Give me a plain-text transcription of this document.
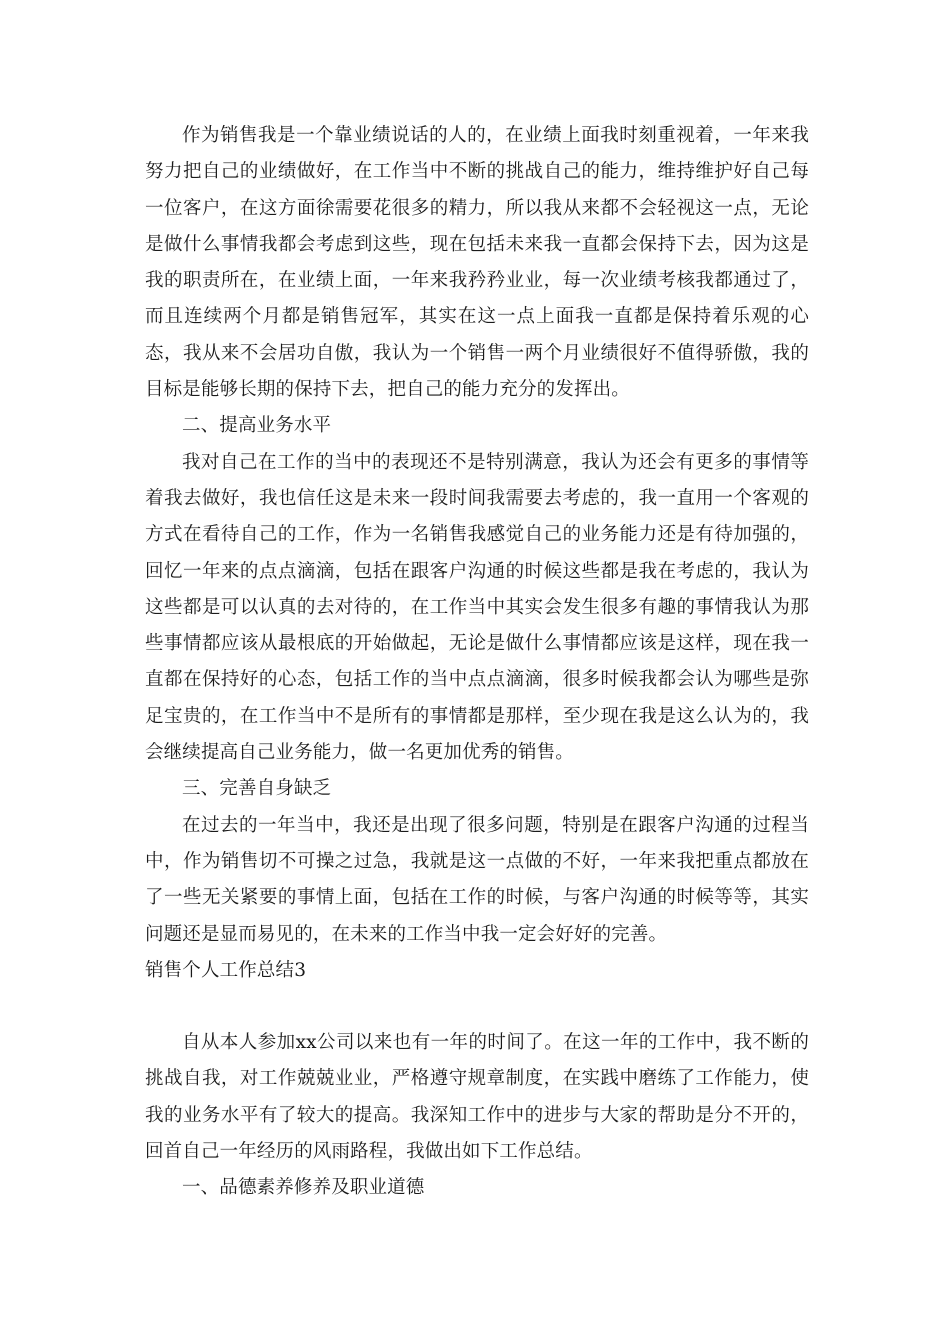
作为销售我是一个靠业绩说话的人的，在业绩上面我时刻重视着，一年来我努力把自己的业绩做好，在工作当中不断的挑战自己的能力，维持维护好自己每一位客户，在这方面徐需要花很多的精力，所以我从来都不会轻视这一点，无论是做什么事情我都会考虑到这些，现在包括未来我一直都会保持下去，因为这是我的职责所在，在业绩上面，一年来我矜矜业业，每一次业绩考核我都通过了，而且连续两个月都是销售冠军，其实在这一点上面我一直都是保持着乐观的心态，我从来不会居功自傲，我认为一个销售一两个月业绩很好不值得骄傲，我的目标是能够长期的保持下去，把自己的能力充分的发挥出。

二、提高业务水平

我对自己在工作的当中的表现还不是特别满意，我认为还会有更多的事情等着我去做好，我也信任这是未来一段时间我需要去考虑的，我一直用一个客观的方式在看待自己的工作，作为一名销售我感觉自己的业务能力还是有待加强的，回忆一年来的点点滴滴，包括在跟客户沟通的时候这些都是我在考虑的，我认为这些都是可以认真的去对待的，在工作当中其实会发生很多有趣的事情我认为那些事情都应该从最根底的开始做起，无论是做什么事情都应该是这样，现在我一直都在保持好的心态，包括工作的当中点点滴滴，很多时候我都会认为哪些是弥足宝贵的，在工作当中不是所有的事情都是那样，至少现在我是这么认为的，我会继续提高自己业务能力，做一名更加优秀的销售。

三、完善自身缺乏

在过去的一年当中，我还是出现了很多问题，特别是在跟客户沟通的过程当中，作为销售切不可操之过急，我就是这一点做的不好，一年来我把重点都放在了一些无关紧要的事情上面，包括在工作的时候，与客户沟通的时候等等，其实问题还是显而易见的，在未来的工作当中我一定会好好的完善。

销售个人工作总结3

自从本人参加xx公司以来也有一年的时间了。在这一年的工作中，我不断的挑战自我，对工作兢兢业业，严格遵守规章制度，在实践中磨练了工作能力，使我的业务水平有了较大的提高。我深知工作中的进步与大家的帮助是分不开的，回首自己一年经历的风雨路程，我做出如下工作总结。

一、品德素养修养及职业道德
